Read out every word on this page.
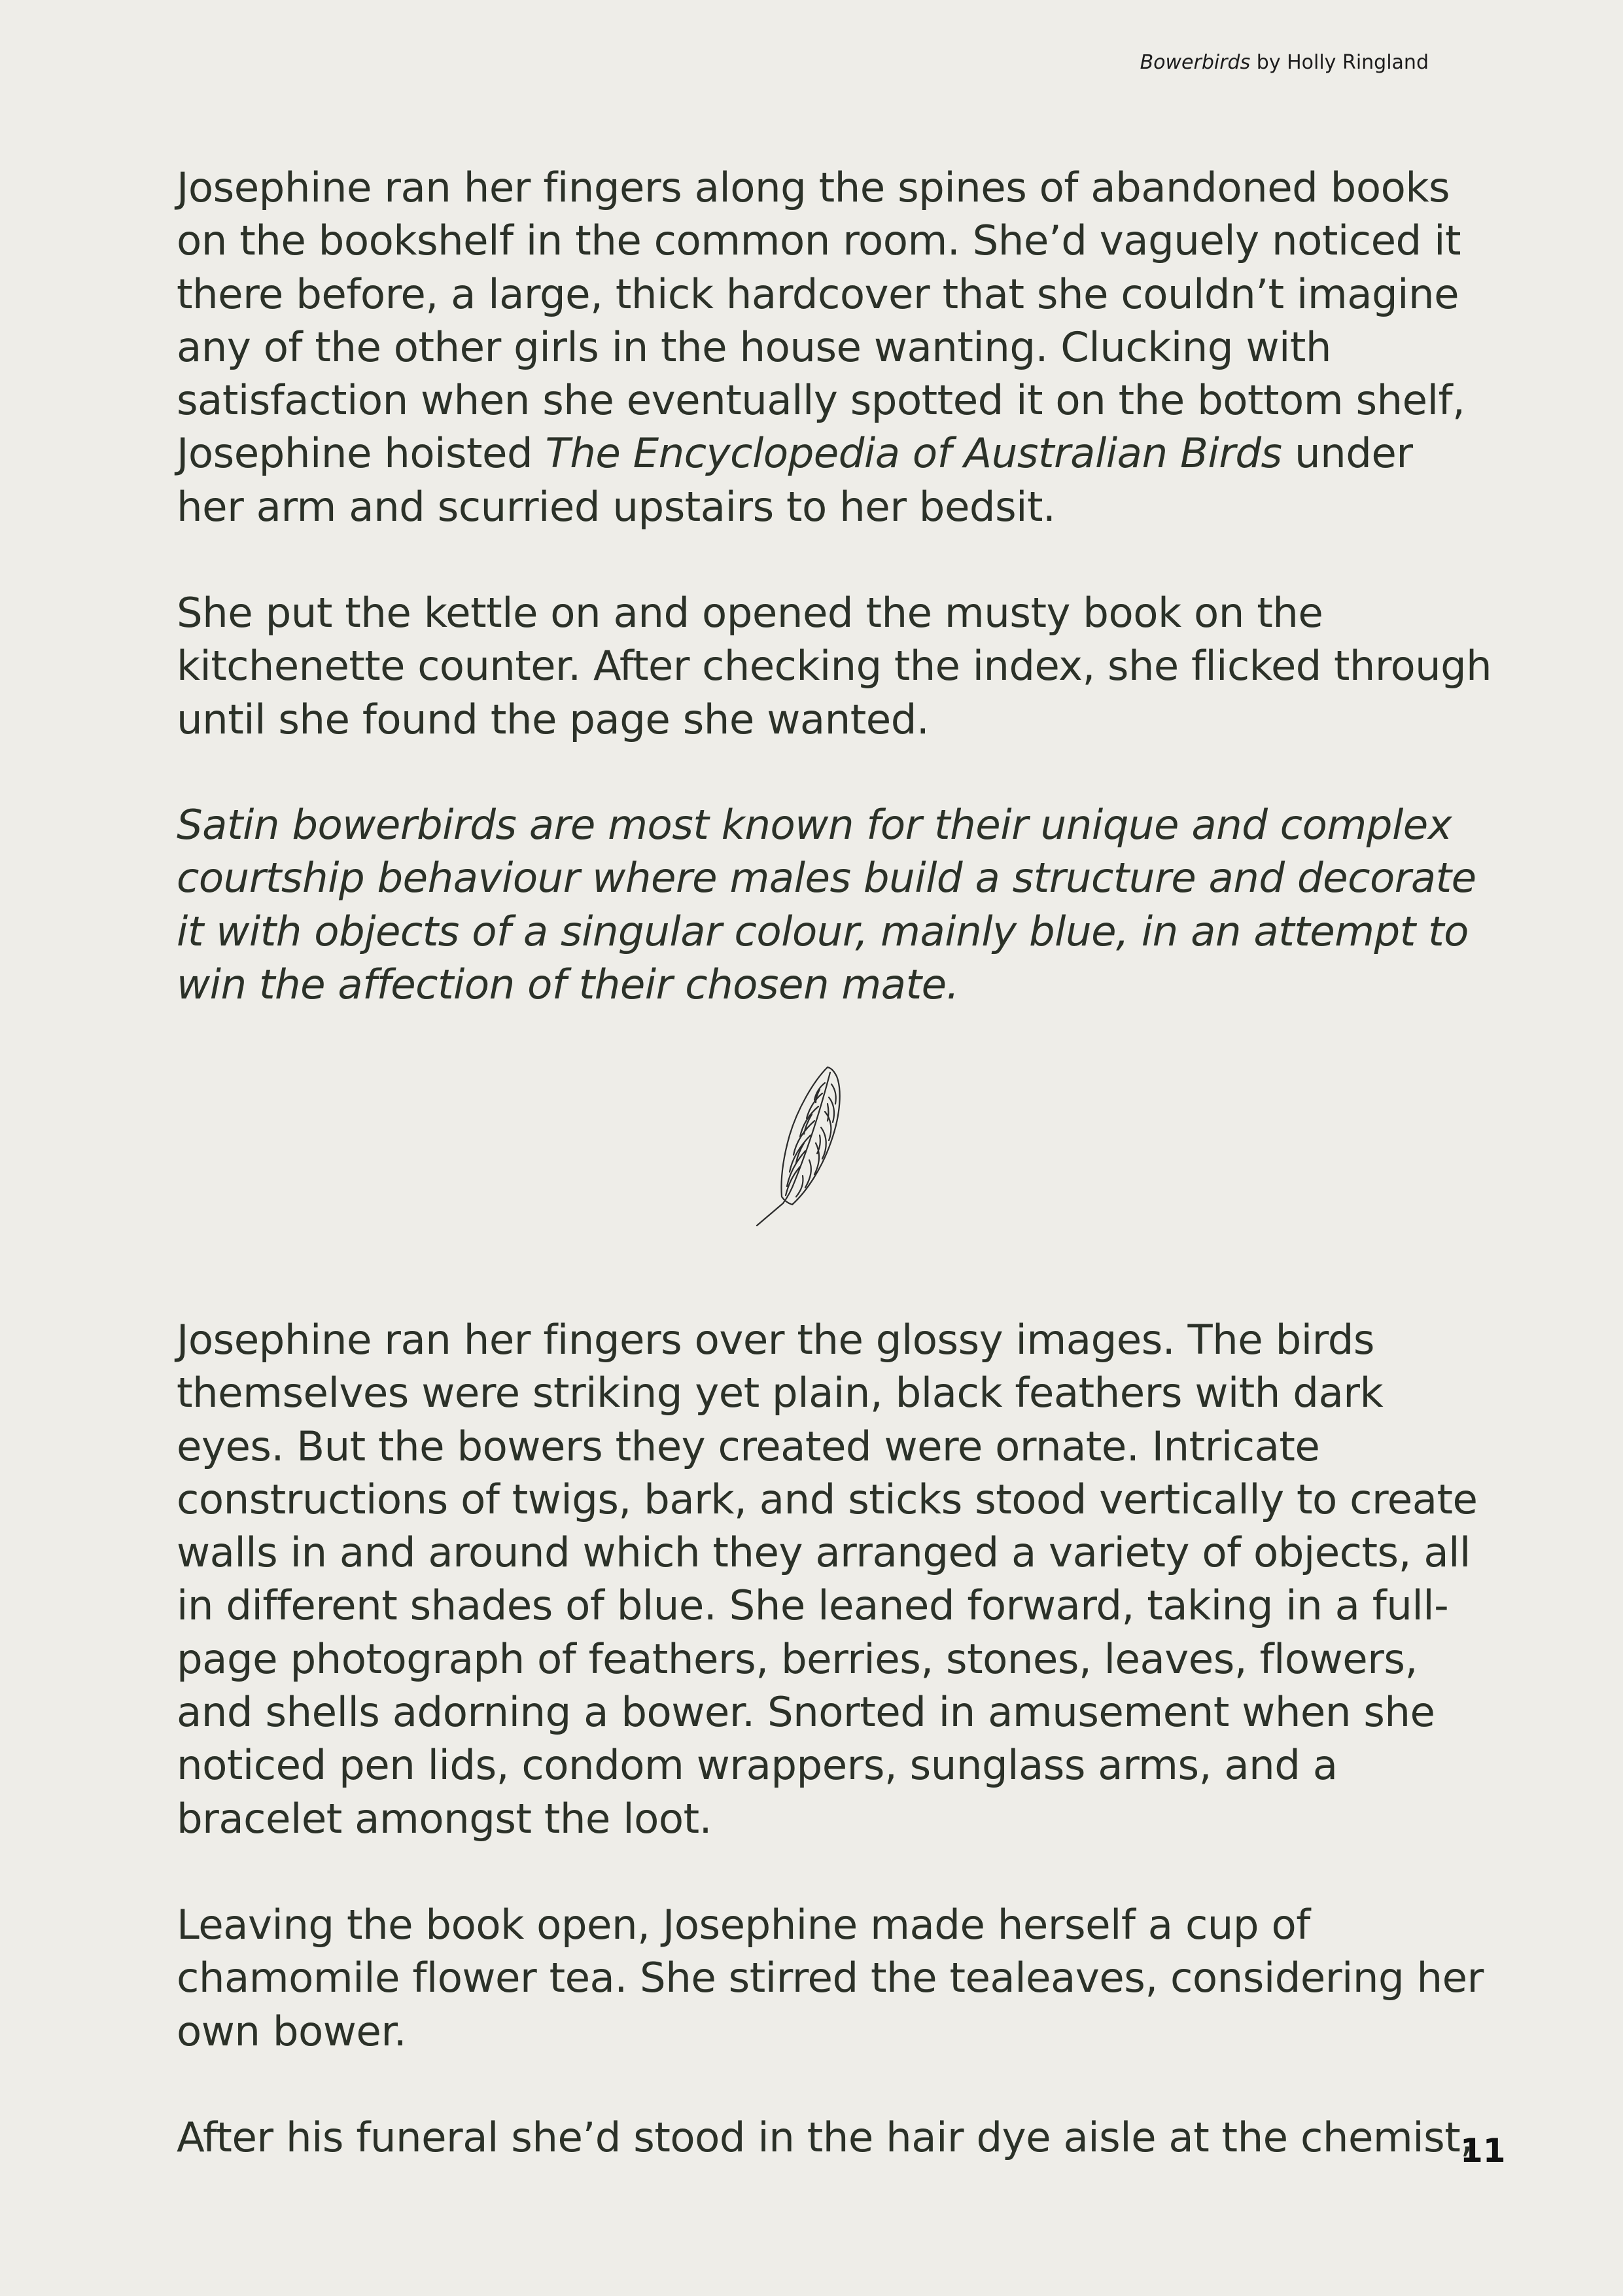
Bowerbirds by Holly Ringland
Josephine ran her fingers along the spines of abandoned books
on the bookshelf in the common room. She’d vaguely noticed it
there before, a large, thick hardcover that she couldn’t imagine
any of the other girls in the house wanting. Clucking with
satisfaction when she eventually spotted it on the bottom shelf,
Josephine hoisted The Encyclopedia of Australian Birds under
her arm and scurried upstairs to her bedsit.
She put the kettle on and opened the musty book on the
kitchenette counter. After checking the index, she flicked through
until she found the page she wanted.
Satin bowerbirds are most known for their unique and complex
courtship behaviour where males build a structure and decorate
it with objects of a singular colour, mainly blue, in an attempt to
win the affection of their chosen mate.
Josephine ran her fingers over the glossy images. The birds
themselves were striking yet plain, black feathers with dark
eyes. But the bowers they created were ornate. Intricate
constructions of twigs, bark, and sticks stood vertically to create
walls in and around which they arranged a variety of objects, all
in different shades of blue. She leaned forward, taking in a full-
page photograph of feathers, berries, stones, leaves, flowers,
and shells adorning a bower. Snorted in amusement when she
noticed pen lids, condom wrappers, sunglass arms, and a
bracelet amongst the loot.
Leaving the book open, Josephine made herself a cup of
chamomile flower tea. She stirred the tealeaves, considering her
own bower.
After his funeral she’d stood in the hair dye aisle at the chemist,
11
